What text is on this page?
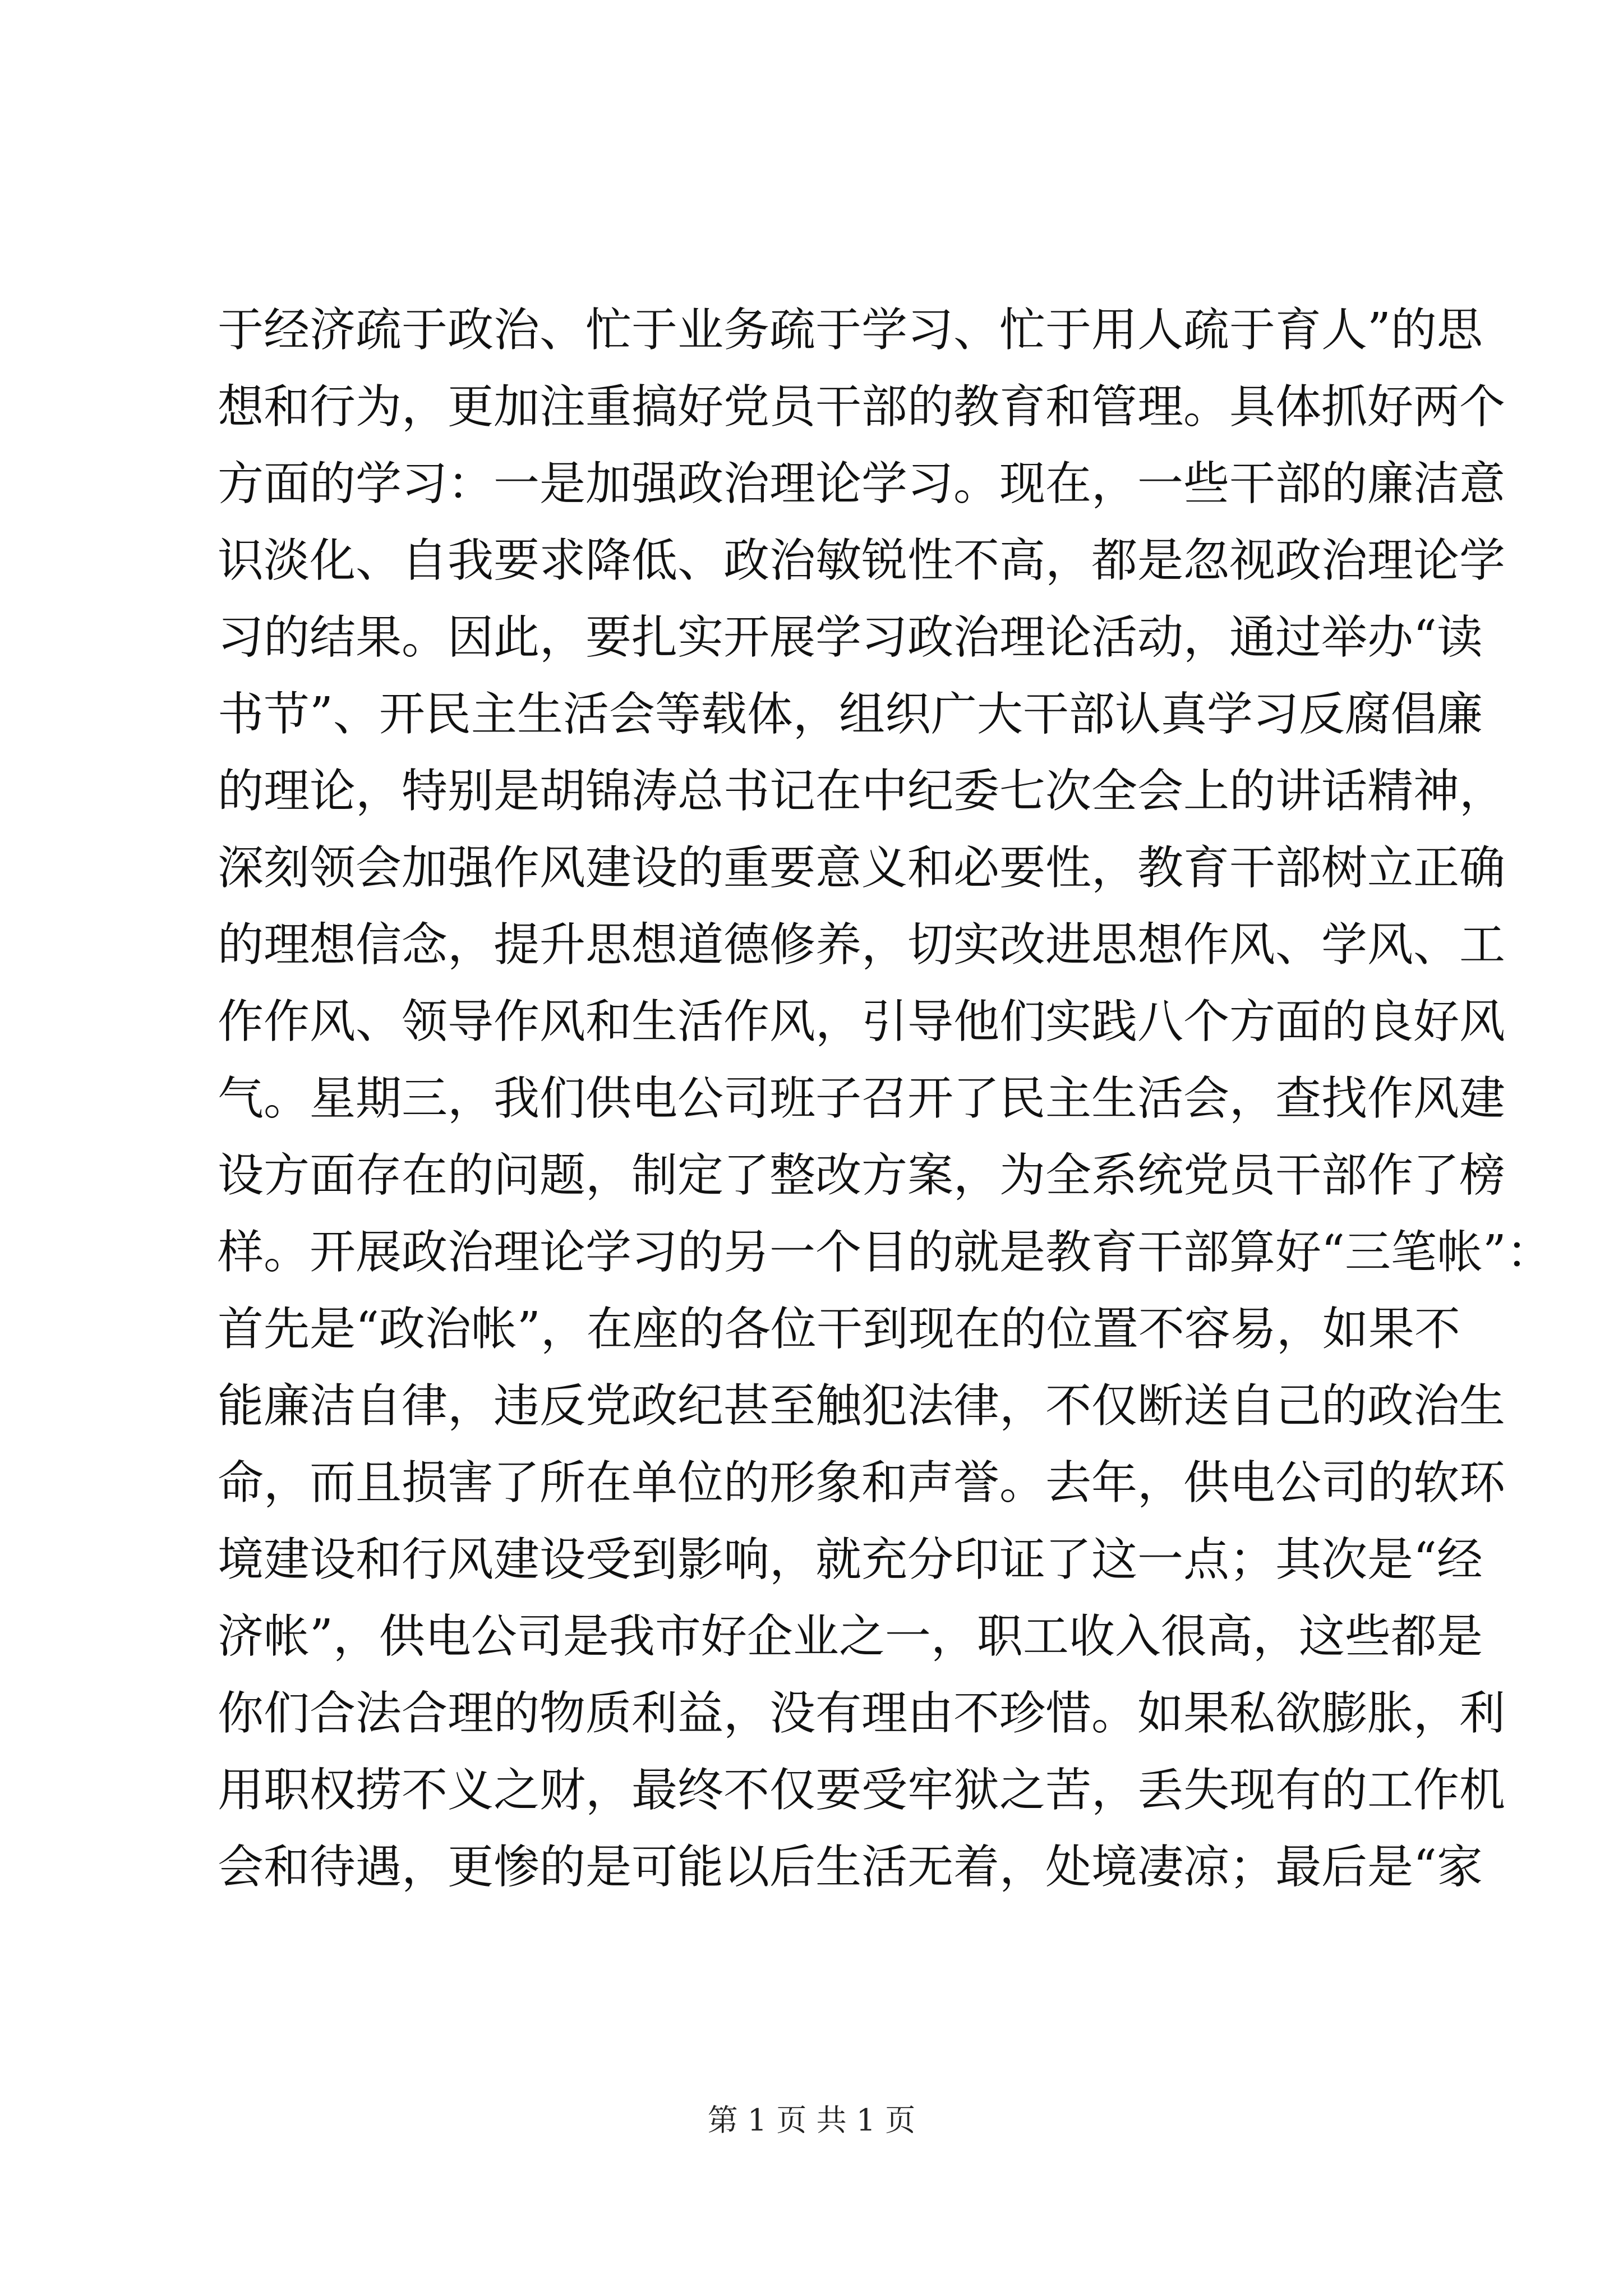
于经济疏于政治、忙于业务疏于学习、忙于用人疏于育人”的思
想和行为，更加注重搞好党员干部的教育和管理。具体抓好两个
方面的学习：一是加强政治理论学习。现在，一些干部的廉洁意
识淡化、自我要求降低、政治敏锐性不高，都是忽视政治理论学
习的结果。因此，要扎实开展学习政治理论活动，通过举办“读
书节”、开民主生活会等载体，组织广大干部认真学习反腐倡廉
的理论，特别是胡锦涛总书记在中纪委七次全会上的讲话精神，
深刻领会加强作风建设的重要意义和必要性，教育干部树立正确
的理想信念，提升思想道德修养，切实改进思想作风、学风、工
作作风、领导作风和生活作风，引导他们实践八个方面的良好风
气。星期三，我们供电公司班子召开了民主生活会，查找作风建
设方面存在的问题，制定了整改方案，为全系统党员干部作了榜
样。开展政治理论学习的另一个目的就是教育干部算好“三笔帐”：
首先是“政治帐”，在座的各位干到现在的位置不容易，如果不
能廉洁自律，违反党政纪甚至触犯法律，不仅断送自己的政治生
命，而且损害了所在单位的形象和声誉。去年，供电公司的软环
境建设和行风建设受到影响，就充分印证了这一点；其次是“经
济帐”，供电公司是我市好企业之一，职工收入很高，这些都是
你们合法合理的物质利益，没有理由不珍惜。如果私欲膨胀，利
用职权捞不义之财，最终不仅要受牢狱之苦，丢失现有的工作机
会和待遇，更惨的是可能以后生活无着，处境凄凉；最后是“家
第 1 页 共 1 页
